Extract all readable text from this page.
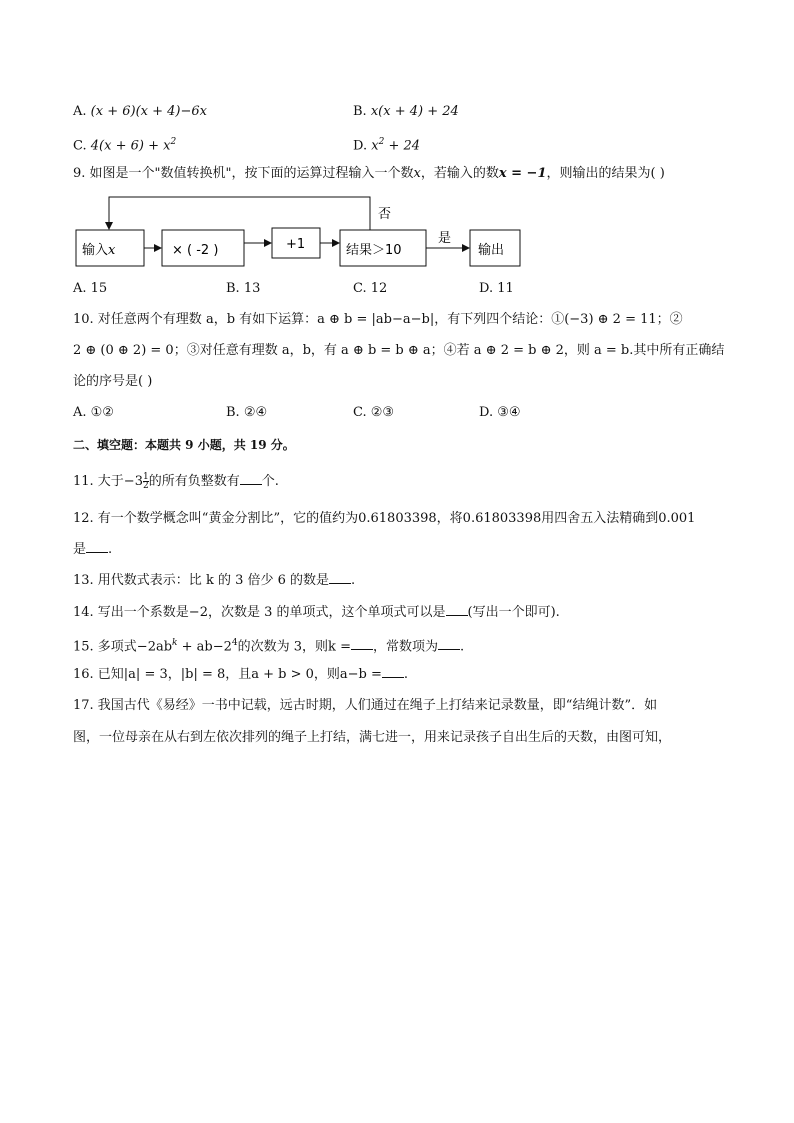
A. (x + 6)(x + 4)−6x	B. x(x + 4) + 24
C. $4(x + 6) + x^2$	D. $x^2 + 24$
9. 如图是一个"数值转换机"，按下面的运算过程输入一个数x，若输入的数x = −1，则输出的结果为( )
输入x	× ( -2 )	+1	结果＞10	输出
否
是
A. 15	B. 13	C. 12	D. 11
10. 对任意两个有理数 a，b 有如下运算：a ⊕ b = |ab−a−b|，有下列四个结论：①(−3) ⊕ 2 = 11；②
2 ⊕ (0 ⊕ 2) = 0；③对任意有理数 a，b，有 a ⊕ b = b ⊕ a；④若 a ⊕ 2 = b ⊕ 2，则 a = b.其中所有正确结
论的序号是( )
A. ①②	B. ②④	C. ②③	D. ③④
二、填空题：本题共 9 小题，共 19 分。
11. 大于$-3 \frac{1}{2}$ 的所有负整数有 个.
12. 有一个数学概念叫“黄金分割比”，它的值约为0.61803398，将0.61803398用四舍五入法精确到0.001
是 .
13. 用代数式表示：比 k 的 3 倍少 6 的数是 .
14. 写出一个系数是−2，次数是 3 的单项式，这个单项式可以是 (写出一个即可).
15. 多项式$-2ab^k + ab-2^4$的次数为 3，则k = ，常数项为 .
16. 已知|a| = 3，|b| = 8，且a + b > 0，则a−b = .
17. 我国古代《易经》一书中记载，远古时期，人们通过在绳子上打结来记录数量，即“结绳计数”．如
图，一位母亲在从右到左依次排列的绳子上打结，满七进一，用来记录孩子自出生后的天数，由图可知，
